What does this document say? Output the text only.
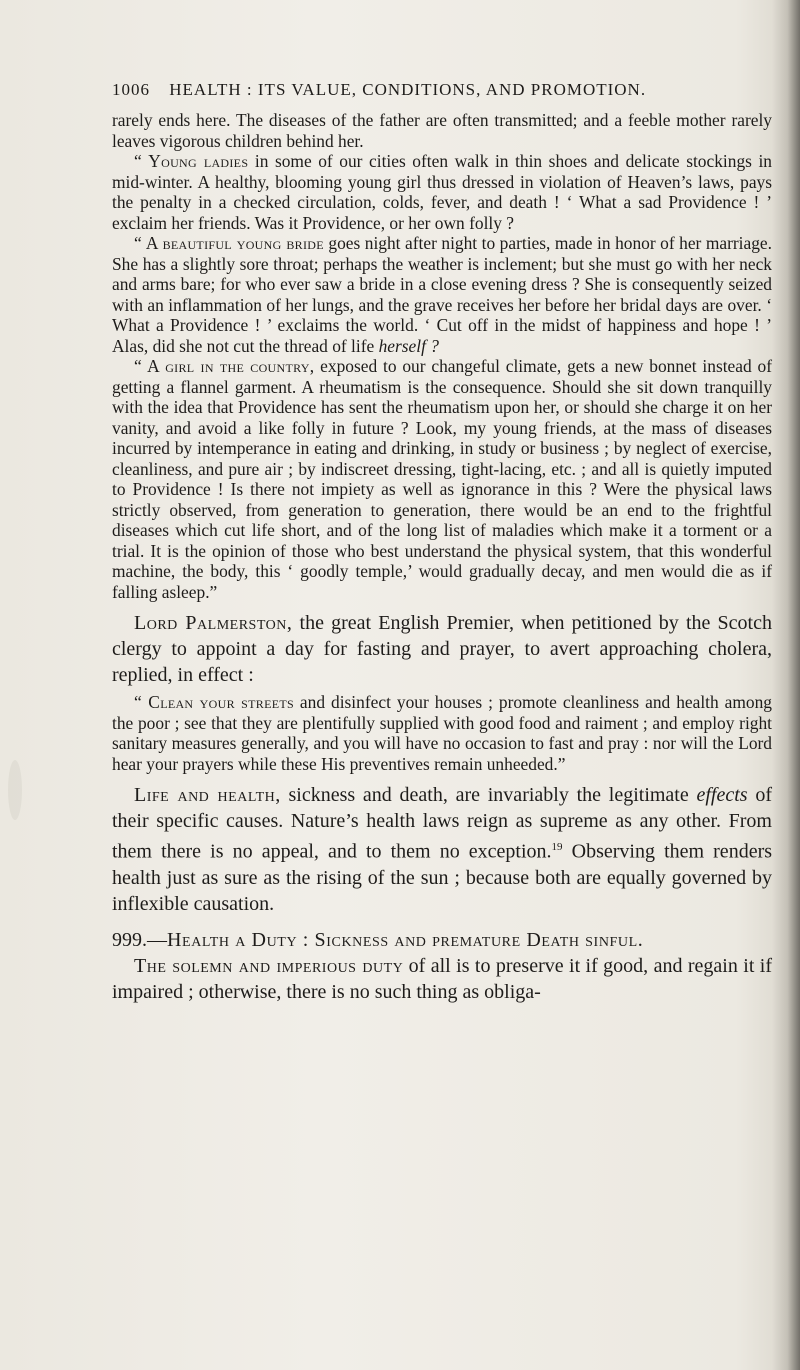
1006 HEALTH : ITS VALUE, CONDITIONS, AND PROMOTION.

rarely ends here. The diseases of the father are often transmitted; and a feeble mother rarely leaves vigorous children behind her.

“ Young ladies in some of our cities often walk in thin shoes and delicate stockings in mid-winter. A healthy, blooming young girl thus dressed in violation of Heaven’s laws, pays the penalty in a checked circulation, colds, fever, and death ! ‘ What a sad Providence ! ’ exclaim her friends. Was it Providence, or her own folly ?

“ A beautiful young bride goes night after night to parties, made in honor of her marriage. She has a slightly sore throat; perhaps the weather is inclement; but she must go with her neck and arms bare; for who ever saw a bride in a close evening dress ? She is consequently seized with an inflammation of her lungs, and the grave receives her before her bridal days are over. ‘ What a Providence ! ’ exclaims the world. ‘ Cut off in the midst of happiness and hope ! ’ Alas, did she not cut the thread of life herself ?

“ A girl in the country, exposed to our changeful climate, gets a new bonnet instead of getting a flannel garment. A rheumatism is the consequence. Should she sit down tranquilly with the idea that Providence has sent the rheumatism upon her, or should she charge it on her vanity, and avoid a like folly in future ? Look, my young friends, at the mass of diseases incurred by intemperance in eating and drinking, in study or business ; by neglect of exercise, cleanliness, and pure air ; by indiscreet dressing, tight-lacing, etc. ; and all is quietly imputed to Providence ! Is there not impiety as well as ignorance in this ? Were the physical laws strictly observed, from generation to generation, there would be an end to the frightful diseases which cut life short, and of the long list of maladies which make it a torment or a trial. It is the opinion of those who best understand the physical system, that this wonderful machine, the body, this ‘ goodly temple,’ would gradually decay, and men would die as if falling asleep.”

Lord Palmerston, the great English Premier, when petitioned by the Scotch clergy to appoint a day for fasting and prayer, to avert approaching cholera, replied, in effect :

“ Clean your streets and disinfect your houses ; promote cleanliness and health among the poor ; see that they are plentifully supplied with good food and raiment ; and employ right sanitary measures generally, and you will have no occasion to fast and pray : nor will the Lord hear your prayers while these His preventives remain unheeded.”

Life and health, sickness and death, are invariably the legitimate effects of their specific causes. Nature’s health laws reign as supreme as any other. From them there is no appeal, and to them no exception.$^{19}$ Observing them renders health just as sure as the rising of the sun ; because both are equally governed by inflexible causation.

999.—Health a Duty : Sickness and premature Death sinful.

The solemn and imperious duty of all is to preserve it if good, and regain it if impaired ; otherwise, there is no such thing as obliga-
